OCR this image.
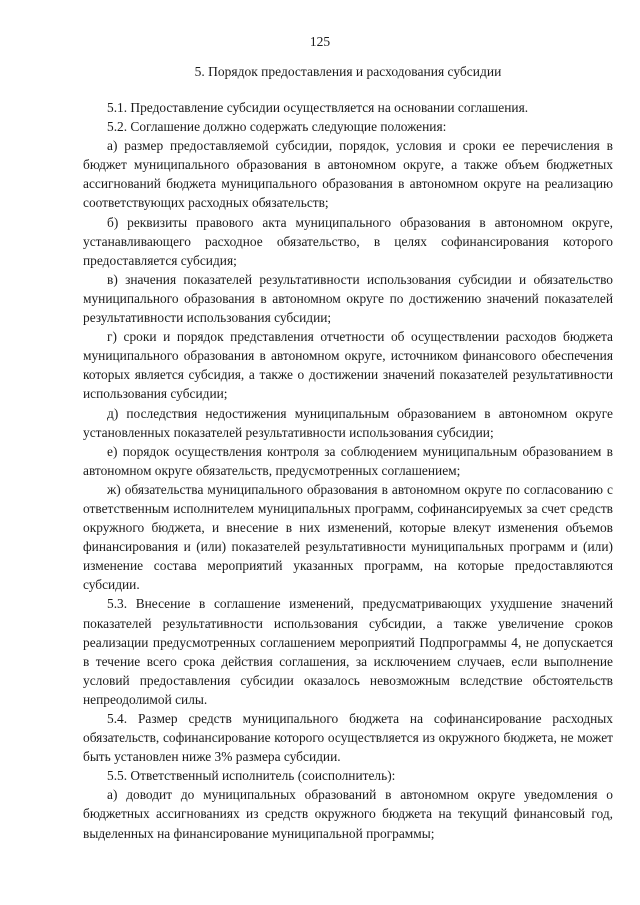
125
5. Порядок предоставления и расходования субсидии

5.1. Предоставление субсидии осуществляется на основании соглашения.

5.2. Соглашение должно содержать следующие положения:

а) размер предоставляемой субсидии, порядок, условия и сроки ее перечисления в бюджет муниципального образования в автономном округе, а также объем бюджетных ассигнований бюджета муниципального образования в автономном округе на реализацию соответствующих расходных обязательств;

б) реквизиты правового акта муниципального образования в автономном округе, устанавливающего расходное обязательство, в целях софинансирования которого предоставляется субсидия;

в) значения показателей результативности использования субсидии и обязательство муниципального образования в автономном округе по достижению значений показателей результативности использования субсидии;

г) сроки и порядок представления отчетности об осуществлении расходов бюджета муниципального образования в автономном округе, источником финансового обеспечения которых является субсидия, а также о достижении значений показателей результативности использования субсидии;

д) последствия недостижения муниципальным образованием в автономном округе установленных показателей результативности использования субсидии;

е) порядок осуществления контроля за соблюдением муниципальным образованием в автономном округе обязательств, предусмотренных соглашением;

ж) обязательства муниципального образования в автономном округе по согласованию с ответственным исполнителем муниципальных программ, софинансируемых за счет средств окружного бюджета, и внесение в них изменений, которые влекут изменения объемов финансирования и (или) показателей результативности муниципальных программ и (или) изменение состава мероприятий указанных программ, на которые предоставляются субсидии.

5.3. Внесение в соглашение изменений, предусматривающих ухудшение значений показателей результативности использования субсидии, а также увеличение сроков реализации предусмотренных соглашением мероприятий Подпрограммы 4, не допускается в течение всего срока действия соглашения, за исключением случаев, если выполнение условий предоставления субсидии оказалось невозможным вследствие обстоятельств непреодолимой силы.

5.4. Размер средств муниципального бюджета на софинансирование расходных обязательств, софинансирование которого осуществляется из окружного бюджета, не может быть установлен ниже 3% размера субсидии.

5.5. Ответственный исполнитель (соисполнитель):

а) доводит до муниципальных образований в автономном округе уведомления о бюджетных ассигнованиях из средств окружного бюджета на текущий финансовый год, выделенных на финансирование муниципальной программы;
